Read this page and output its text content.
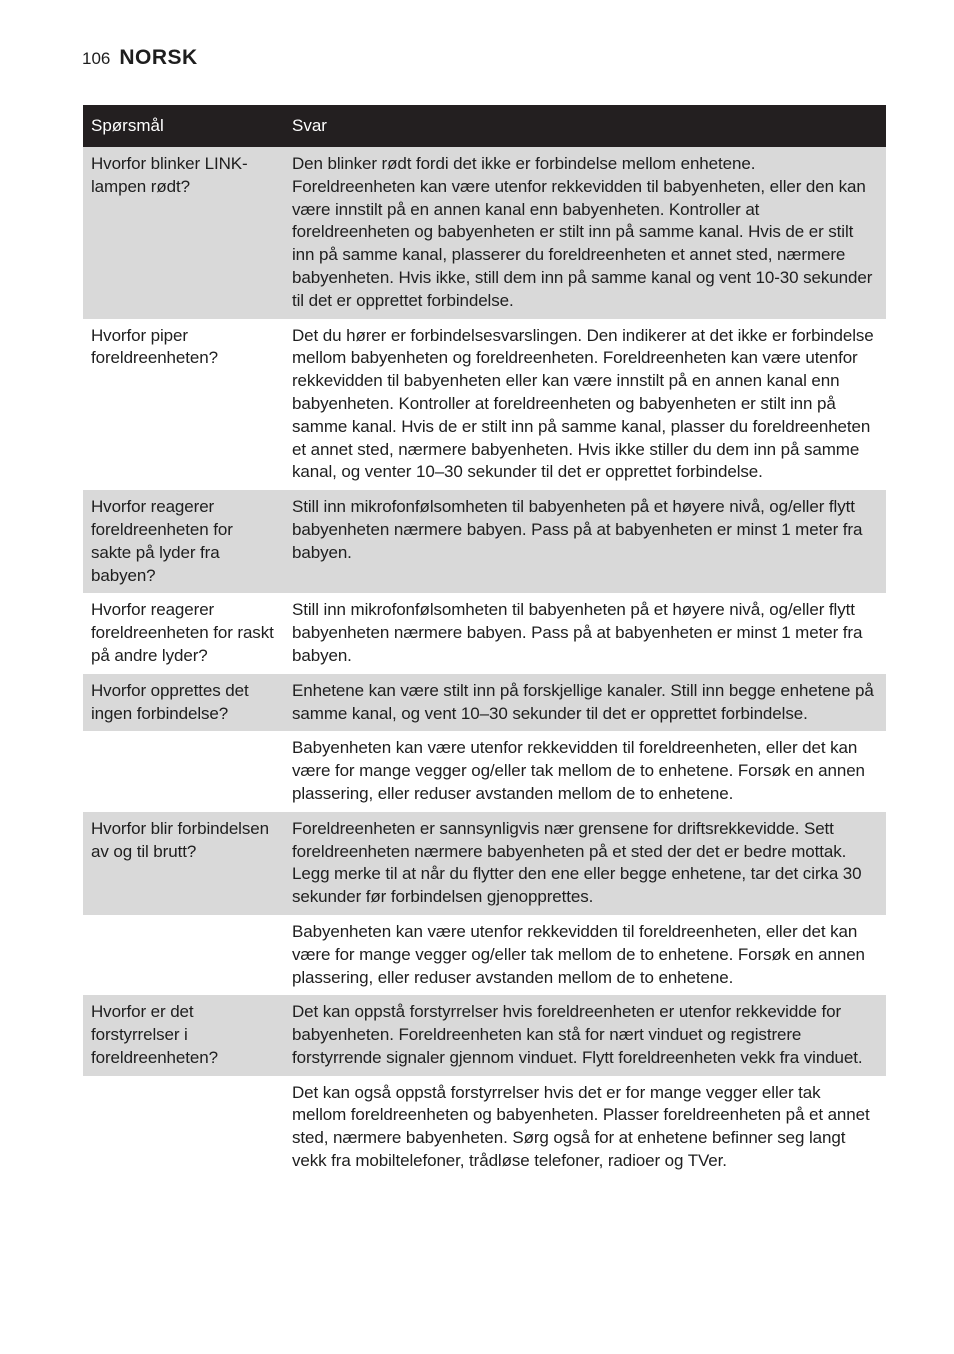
106 NORSK
Spørsmål	Svar
Hvorfor blinker LINK-lampen rødt?	Den blinker rødt fordi det ikke er forbindelse mellom enhetene. Foreldreenheten kan være utenfor rekkevidden til babyenheten, eller den kan være innstilt på en annen kanal enn babyenheten. Kontroller at foreldreenheten og babyenheten er stilt inn på samme kanal. Hvis de er stilt inn på samme kanal, plasserer du foreldreenheten et annet sted, nærmere babyenheten. Hvis ikke, still dem inn på samme kanal og vent 10-30 sekunder til det er opprettet forbindelse.
Hvorfor piper foreldreenheten?	Det du hører er forbindelsesvarslingen. Den indikerer at det ikke er forbindelse mellom babyenheten og foreldreenheten. Foreldreenheten kan være utenfor rekkevidden til babyenheten eller kan være innstilt på en annen kanal enn babyenheten. Kontroller at foreldreenheten og babyenheten er stilt inn på samme kanal. Hvis de er stilt inn på samme kanal, plasser du foreldreenheten et annet sted, nærmere babyenheten. Hvis ikke stiller du dem inn på samme kanal, og venter 10–30 sekunder til det er opprettet forbindelse.
Hvorfor reagerer foreldreenheten for sakte på lyder fra babyen?	Still inn mikrofonfølsomheten til babyenheten på et høyere nivå, og/eller flytt babyenheten nærmere babyen. Pass på at babyenheten er minst 1 meter fra babyen.
Hvorfor reagerer foreldreenheten for raskt på andre lyder?	Still inn mikrofonfølsomheten til babyenheten på et høyere nivå, og/eller flytt babyenheten nærmere babyen. Pass på at babyenheten er minst 1 meter fra babyen.
Hvorfor opprettes det ingen forbindelse?	Enhetene kan være stilt inn på forskjellige kanaler. Still inn begge enhetene på samme kanal, og vent 10–30 sekunder til det er opprettet forbindelse.
	Babyenheten kan være utenfor rekkevidden til foreldreenheten, eller det kan være for mange vegger og/eller tak mellom de to enhetene. Forsøk en annen plassering, eller reduser avstanden mellom de to enhetene.
Hvorfor blir forbindelsen av og til brutt?	Foreldreenheten er sannsynligvis nær grensene for driftsrekkevidde. Sett foreldreenheten nærmere babyenheten på et sted der det er bedre mottak. Legg merke til at når du flytter den ene eller begge enhetene, tar det cirka 30 sekunder før forbindelsen gjenopprettes.
	Babyenheten kan være utenfor rekkevidden til foreldreenheten, eller det kan være for mange vegger og/eller tak mellom de to enhetene. Forsøk en annen plassering, eller reduser avstanden mellom de to enhetene.
Hvorfor er det forstyrrelser i foreldreenheten?	Det kan oppstå forstyrrelser hvis foreldreenheten er utenfor rekkevidde for babyenheten. Foreldreenheten kan stå for nært vinduet og registrere forstyrrende signaler gjennom vinduet. Flytt foreldreenheten vekk fra vinduet.
	Det kan også oppstå forstyrrelser hvis det er for mange vegger eller tak mellom foreldreenheten og babyenheten. Plasser foreldreenheten på et annet sted, nærmere babyenheten. Sørg også for at enhetene befinner seg langt vekk fra mobiltelefoner, trådløse telefoner, radioer og TVer.
